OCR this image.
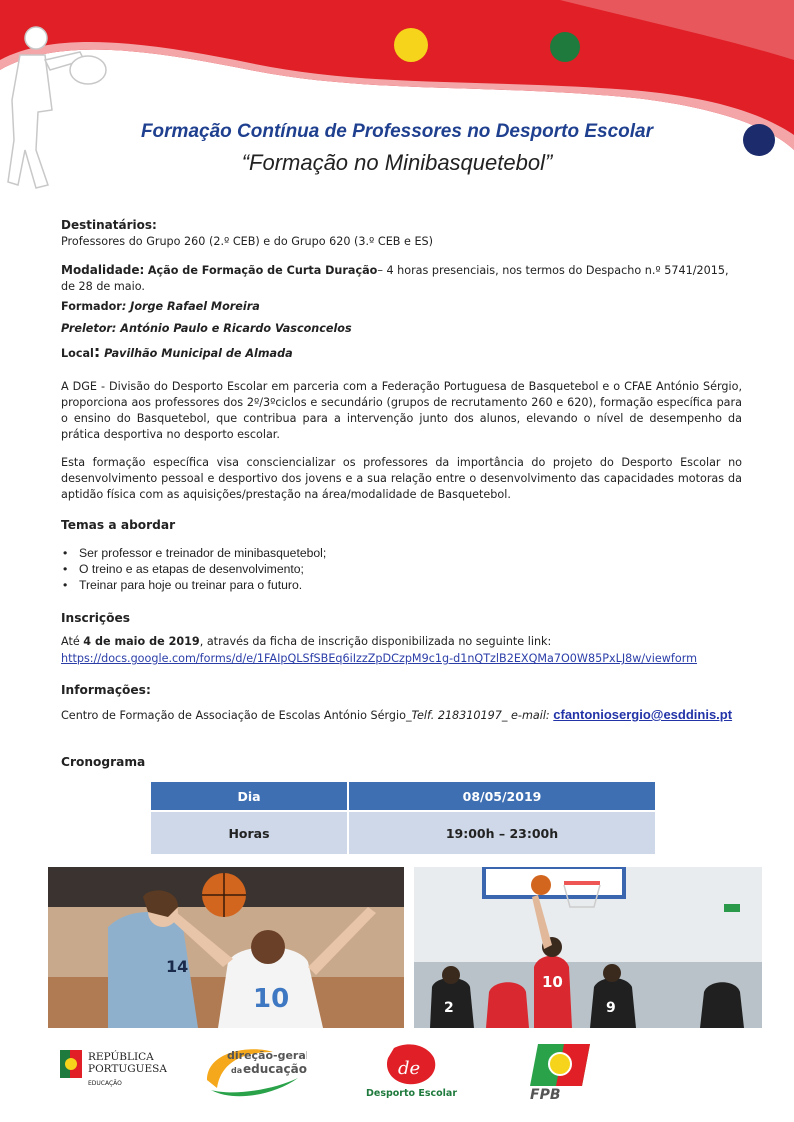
Formação Contínua de Professores no Desporto Escolar
“Formação no Minibasquetebol”
Destinatários:
Professores do Grupo 260 (2.º CEB) e do Grupo 620 (3.º CEB e ES)
Modalidade: Ação de Formação de Curta Duração– 4 horas presenciais, nos termos do Despacho n.º 5741/2015, de 28 de maio.
Formador: Jorge Rafael Moreira
Preletor: António Paulo e Ricardo Vasconcelos
Local: Pavilhão Municipal de Almada
A DGE - Divisão do Desporto Escolar em parceria com a Federação Portuguesa de Basquetebol e o CFAE António Sérgio, proporciona aos professores dos 2º/3ºciclos e secundário (grupos de recrutamento 260 e 620), formação específica para o ensino do Basquetebol, que contribua para a intervenção junto dos alunos, elevando o nível de desempenho da prática desportiva no desporto escolar.
Esta formação específica visa consciencializar os professores da importância do projeto do Desporto Escolar no desenvolvimento pessoal e desportivo dos jovens e a sua relação entre o desenvolvimento das capacidades motoras da aptidão física com as aquisições/prestação na área/modalidade de Basquetebol.
Temas a abordar
• Ser professor e treinador de minibasquetebol;
• O treino e as etapas de desenvolvimento;
• Treinar para hoje ou treinar para o futuro.
Inscrições
Até 4 de maio de 2019, através da ficha de inscrição disponibilizada no seguinte link:
https://docs.google.com/forms/d/e/1FAIpQLSfSBEq6iIzzZpDCzpM9c1g-d1nQTzlB2EXQMa7O0W85PxLJ8w/viewform
Informações:
Centro de Formação de Associação de Escolas António Sérgio_Telf. 218310197_ e-mail: cfantoniosergio@esddinis.pt
Cronograma
Dia	08/05/2019
Horas	19:00h – 23:00h
14
10
10
2	9
REPÚBLICA
PORTUGUESA
EDUCAÇÃO
direção-geral
da educação	de
Desporto Escolar	FPB
